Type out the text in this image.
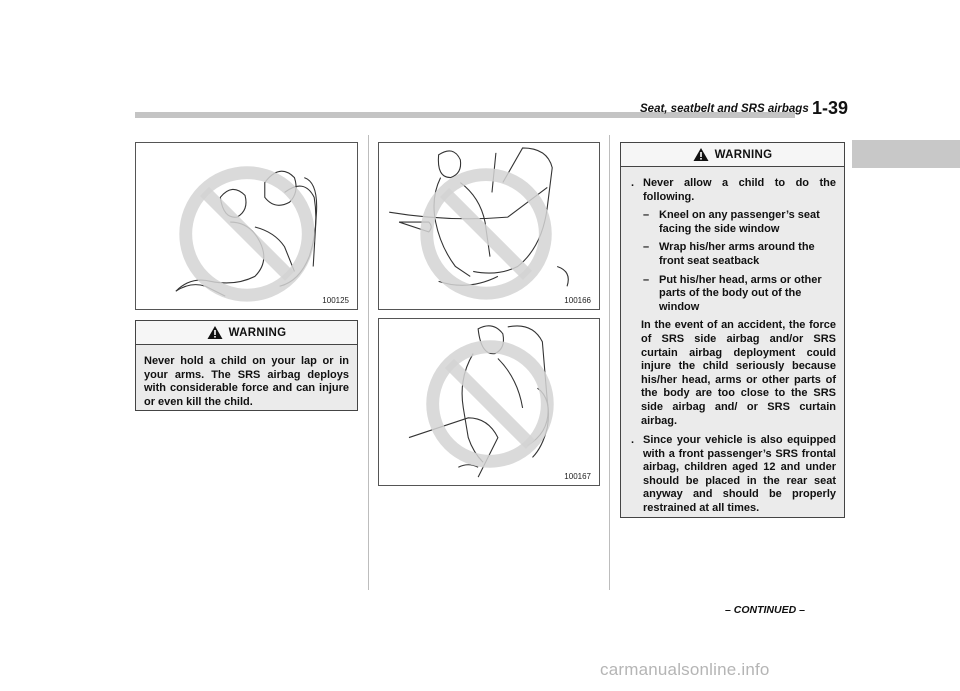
Seat, seatbelt and SRS airbags 1-39
100125
WARNING
Never hold a child on your lap or in your arms. The SRS airbag deploys with considerable force and can injure or even kill the child.
100166
100167
WARNING
. Never allow a child to do the following.
– Kneel on any passenger’s seat facing the side window
– Wrap his/her arms around the front seat seatback
– Put his/her head, arms or other parts of the body out of the window
In the event of an accident, the force of SRS side airbag and/or SRS curtain airbag deployment could injure the child seriously because his/her head, arms or other parts of the body are too close to the SRS side airbag and/ or SRS curtain airbag.
. Since your vehicle is also equipped with a front passenger’s SRS frontal airbag, children aged 12 and under should be placed in the rear seat anyway and should be properly restrained at all times.
– CONTINUED –
carmanualsonline.info
